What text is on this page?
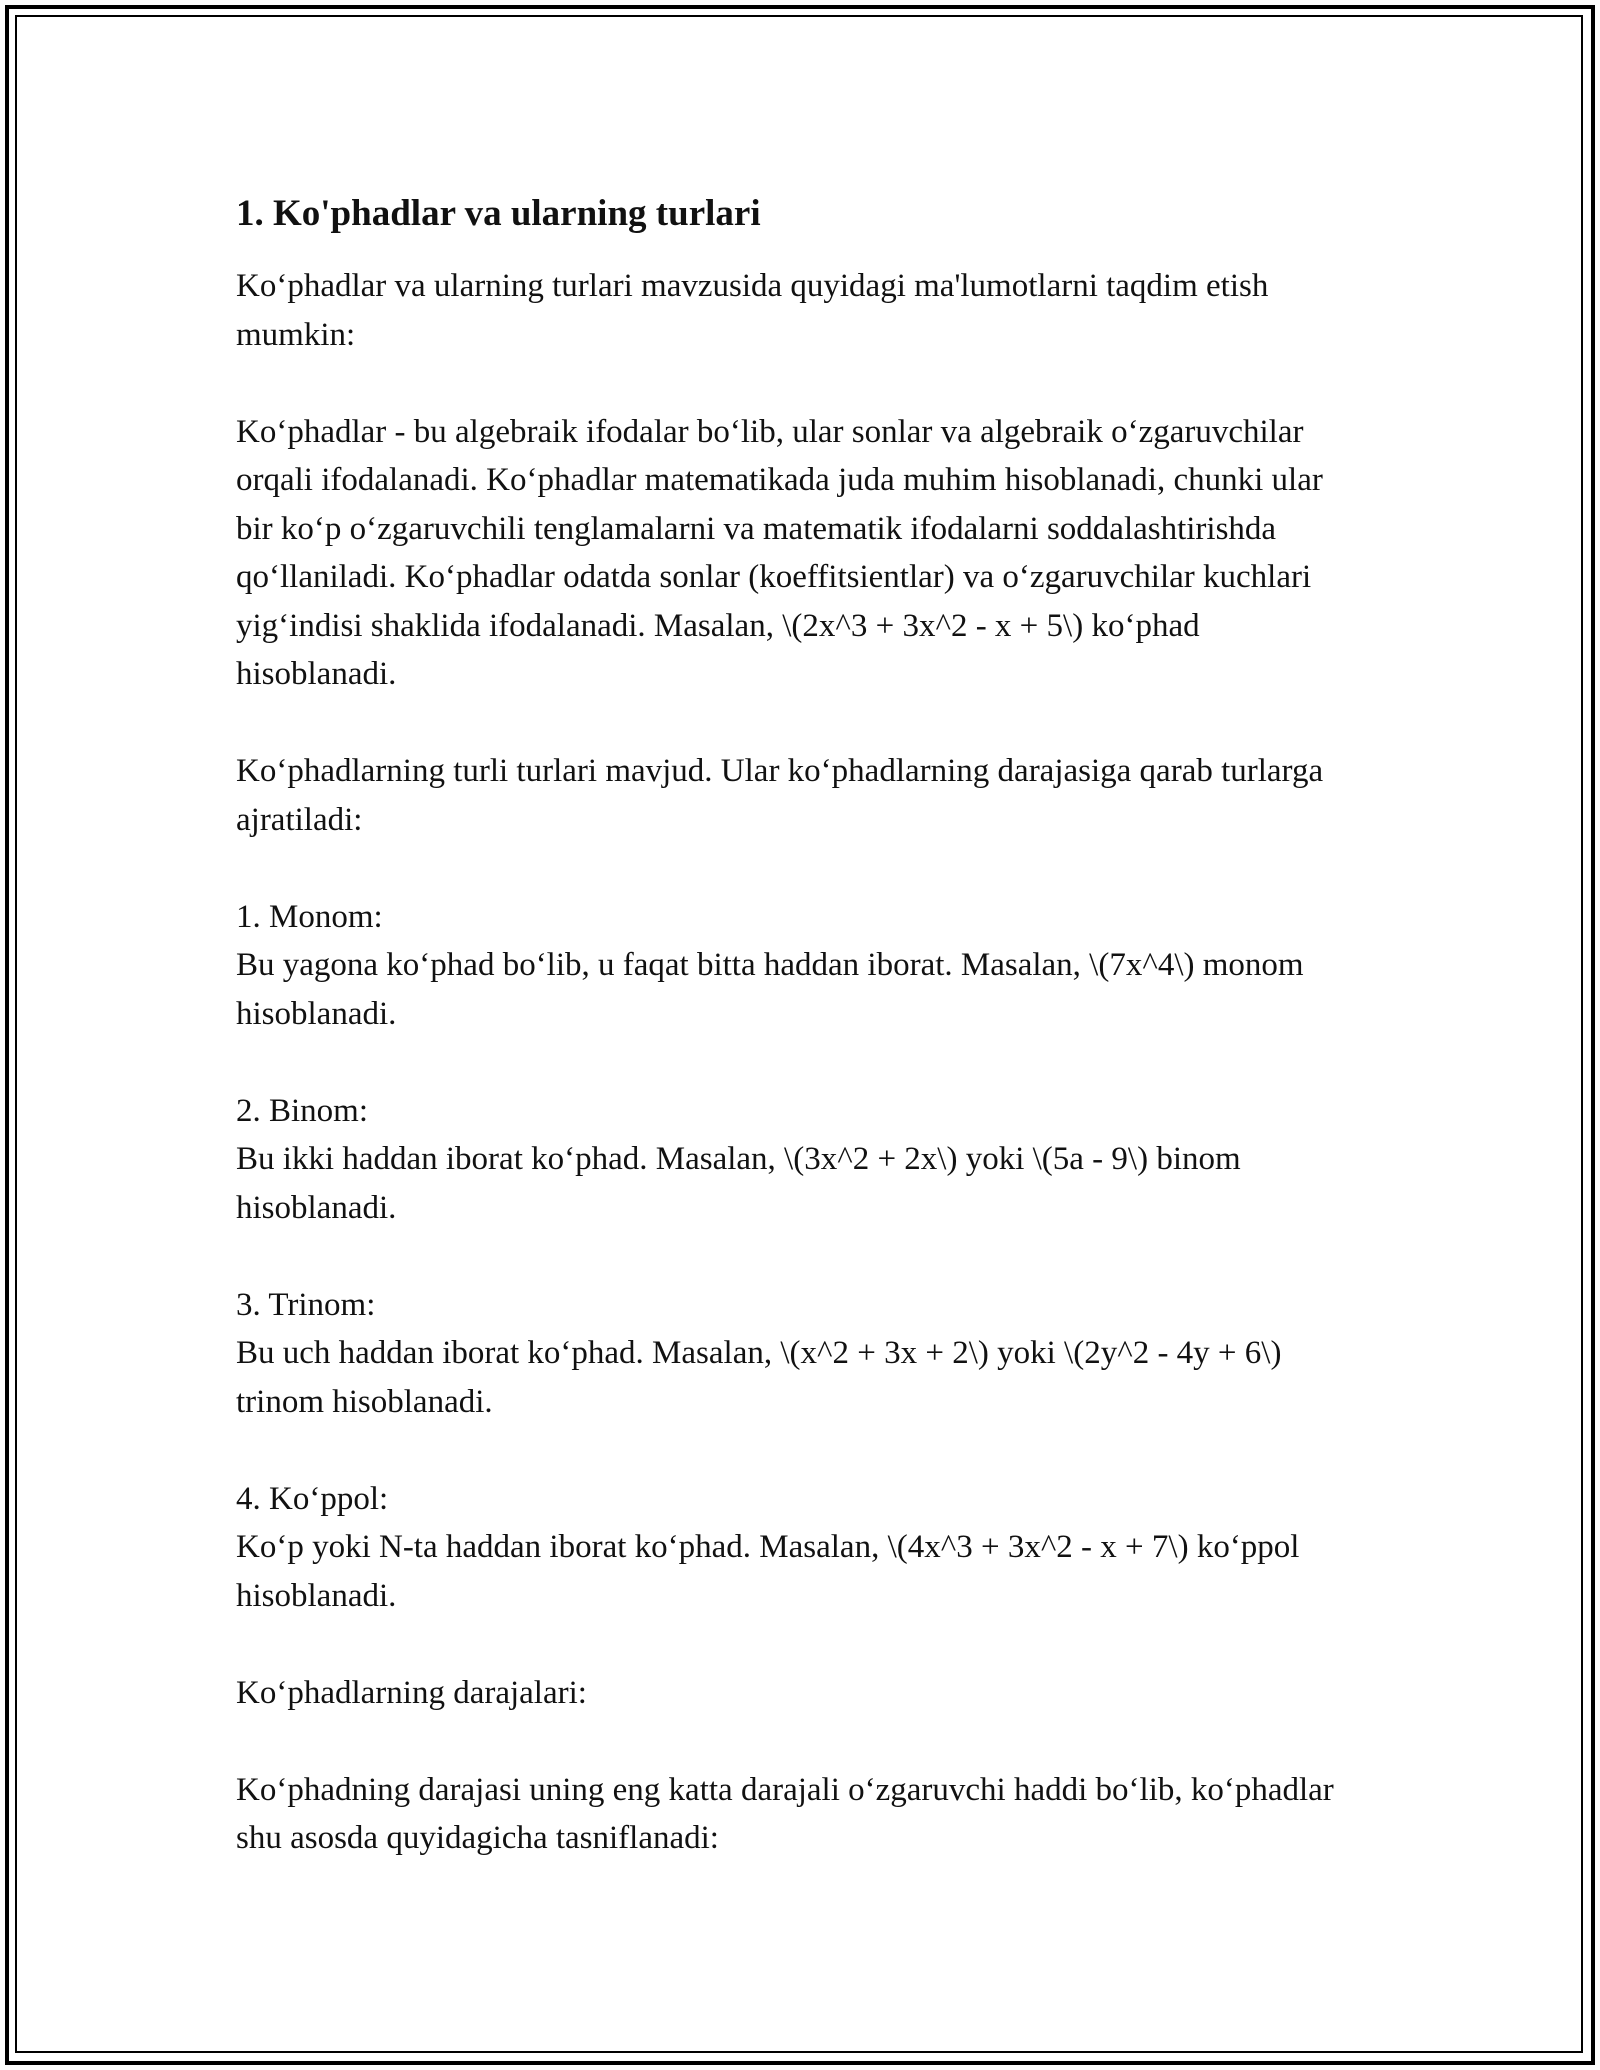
1. Ko'phadlar va ularning turlari

Ko‘phadlar va ularning turlari mavzusida quyidagi ma'lumotlarni taqdim etish mumkin:

Ko‘phadlar - bu algebraik ifodalar bo‘lib, ular sonlar va algebraik o‘zgaruvchilar orqali ifodalanadi. Ko‘phadlar matematikada juda muhim hisoblanadi, chunki ular bir ko‘p o‘zgaruvchili tenglamalarni va matematik ifodalarni soddalashtirishda qo‘llaniladi. Ko‘phadlar odatda sonlar (koeffitsientlar) va o‘zgaruvchilar kuchlari yig‘indisi shaklida ifodalanadi. Masalan, \(2x^3 + 3x^2 - x + 5\) ko‘phad hisoblanadi.

Ko‘phadlarning turli turlari mavjud. Ular ko‘phadlarning darajasiga qarab turlarga ajratiladi:

1. Monom:
Bu yagona ko‘phad bo‘lib, u faqat bitta haddan iborat. Masalan, \(7x^4\) monom hisoblanadi.

2. Binom:
Bu ikki haddan iborat ko‘phad. Masalan, \(3x^2 + 2x\) yoki \(5a - 9\) binom hisoblanadi.

3. Trinom:
Bu uch haddan iborat ko‘phad. Masalan, \(x^2 + 3x + 2\) yoki \(2y^2 - 4y + 6\) trinom hisoblanadi.

4. Ko‘ppol:
Ko‘p yoki N-ta haddan iborat ko‘phad. Masalan, \(4x^3 + 3x^2 - x + 7\) ko‘ppol hisoblanadi.

Ko‘phadlarning darajalari:

Ko‘phadning darajasi uning eng katta darajali o‘zgaruvchi haddi bo‘lib, ko‘phadlar shu asosda quyidagicha tasniflanadi:
